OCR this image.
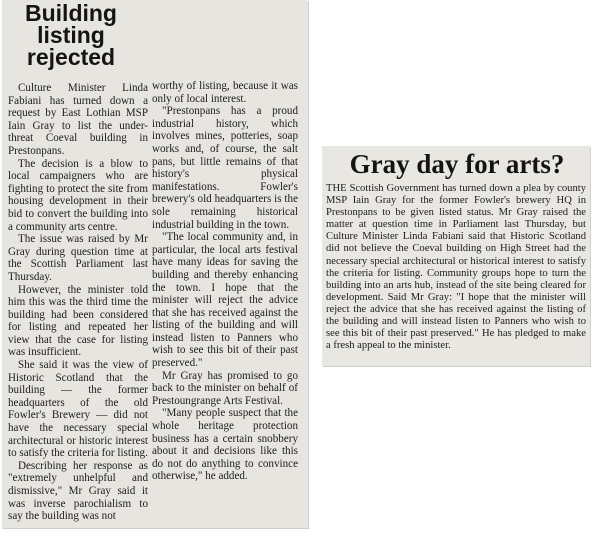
Building listing rejected

Culture Minister Linda Fabiani has turned down a request by East Lothian MSP Iain Gray to list the under-threat Coeval building in Prestonpans.

The decision is a blow to local campaigners who are fighting to protect the site from housing development in their bid to convert the building into a community arts centre.

The issue was raised by Mr Gray during question time at the Scottish Parliament last Thursday.

However, the minister told him this was the third time the building had been considered for listing and repeated her view that the case for listing was insufficient.

She said it was the view of Historic Scotland that the building — the former headquarters of the old Fowler's Brewery — did not have the necessary special architectural or historic interest to satisfy the criteria for listing.

Describing her response as "extremely unhelpful and dismissive," Mr Gray said it was inverse parochialism to say the building was not

worthy of listing, because it was only of local interest.

"Prestonpans has a proud industrial history, which involves mines, potteries, soap works and, of course, the salt pans, but little remains of that history's physical manifestations. Fowler's brewery's old headquarters is the sole remaining historical industrial building in the town.

"The local community and, in particular, the local arts festival have many ideas for saving the building and thereby enhancing the town. I hope that the minister will reject the advice that she has received against the listing of the building and will instead listen to Panners who wish to see this bit of their past preserved."

Mr Gray has promised to go back to the minister on behalf of Prestoungrange Arts Festival.

"Many people suspect that the whole heritage protection business has a certain snobbery about it and decisions like this do not do anything to convince otherwise," he added.

Gray day for arts?

THE Scottish Government has turned down a plea by county MSP Iain Gray for the former Fowler's brewery HQ in Prestonpans to be given listed status. Mr Gray raised the matter at question time in Parliament last Thursday, but Culture Minister Linda Fabiani said that Historic Scotland did not believe the Coeval building on High Street had the necessary special architectural or historical interest to satisfy the criteria for listing. Community groups hope to turn the building into an arts hub, instead of the site being cleared for development. Said Mr Gray: "I hope that the minister will reject the advice that she has received against the listing of the building and will instead listen to Panners who wish to see this bit of their past preserved." He has pledged to make a fresh appeal to the minister.
